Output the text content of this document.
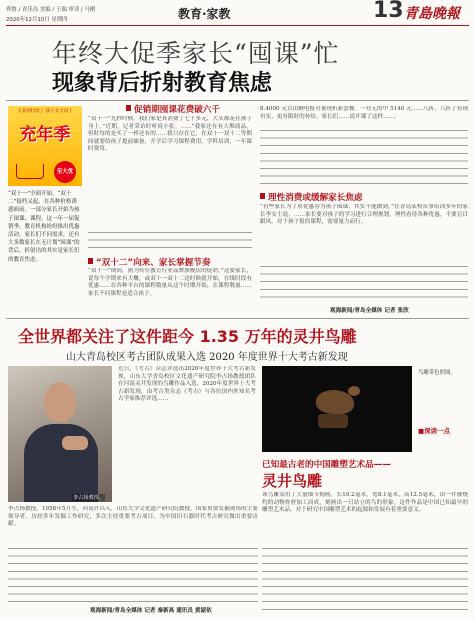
齊魯 / 青乐岛 美编 / 王瑞 审读 / 马刚
2020年12月10日 星期四	教育·家教	13 青島晚報
年终大促季家长“囤课”忙
现象背后折射教育焦虑
又来到付款了 孩子太天向上
充年季
至大优
“双十一”全面开始，“双十二”接档又起，在各种价格诱惑面前，一部分家长开始为孩子囤课、课程，这一年一届促销季，教育机构纷纷推出优惠活动，家长们不问需求，还有大多数家长在无计划“囤课”的背后，折射出的其实是家长们的教育焦虑。
促销期囤课花费破六千
“双十一”光秒时候，我们家是真消费了七千多元，大头都花在孩子身上。”近期，记者采访时听说小张。……“我家还在有大堆商品，但时每的是买了一样还有的……我只存在它，在双十一双十二等期间就要给孩子提前储备，开学后学习课程费用，学科培训，一年课时费用。
“双十二”向来、家长掌握节奏
“双十一”期间，据为传在教育行业品牌旗舰店的促销。”这要家长，说每个学期来有大概，或双十一双十二这时候就开始，在线时段有优惠……在各种平台的课程数量从这个时期开始，在课程数量……家长不问课程是适合孩子。
8.4000 元以由额电报可量现折新套餐。一对元的中 5140 元……八折，八折了有现有实，更有限时的补给，家长们……说开课了这样……。
理性消费或缓解家长焦虑
“有些家长为了用优惠券为孩子囤课，其实不能做到。”在青岛某校从事培训多年的家长李女士说。……家长要对孩子的学习进行合理规划，理性看待各种优惠，不要盲目跟风。对于孩子报的课程，需要量力而行。
观海新闻/青岛全媒体 记者 张欣
全世界都关注了这件距今 1.35 万年的灵井鸟雕
山大青岛校区考古团队成果入选 2020 年度世界十大考古新发现
李占扬教授。
近日，《考古》杂志评选出2020年度世界十大考古新发现，山东大学青岛校区文化遗产研究院李占扬教授团队在河南灵井发现的鸟雕作品入选。2020年度世界十大考古新发现，由考古类杂志《考古》与各位国内外知名考古学家推荐评选……
李占扬教授，1958年5月生，河南许昌人，山东大学文化遗产研究院教授，国家重要发掘现场的主要领导者。历经多年发掘工作研究，多次主持重要考古项目，为中国旧石器时代考古研究做出重要贡献。
观海新闻/青岛全媒体 记者 秦新高 通讯员 黄淑依
鸟雕带色照图。
■深读一点
已知最古老的中国雕塑艺术品——
灵井鸟雕
该鸟雕采用了大量细节刻画，长19.2毫米，宽8.1毫米，高12.5毫米，由一件被烧灼的动物骨材加工而成，刻画出一只站立的鸟的形象。这件作品是中国已知最早的雕塑艺术品，对于研究中国雕塑艺术的起源和发展有着重要意义。
